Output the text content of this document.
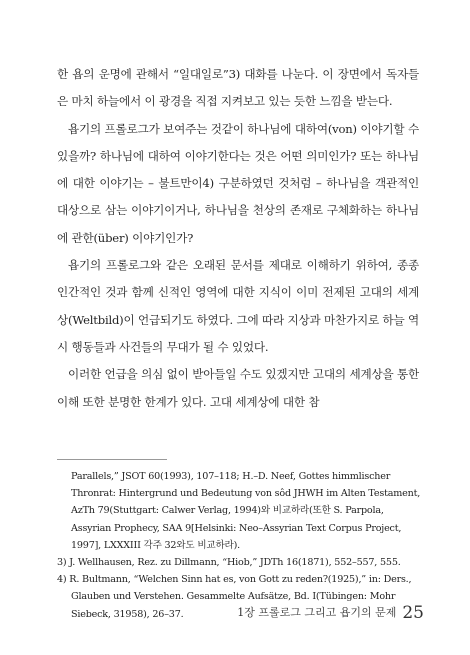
한 욥의 운명에 관해서 “일대일로”3) 대화를 나눈다. 이 장면에서 독자들은 마치 하늘에서 이 광경을 직접 지켜보고 있는 듯한 느낌을 받는다.

욥기의 프롤로그가 보여주는 것같이 하나님에 대하여(von) 이야기할 수 있을까? 하나님에 대하여 이야기한다는 것은 어떤 의미인가? 또는 하나님에 대한 이야기는 – 불트만이4) 구분하였던 것처럼 – 하나님을 객관적인 대상으로 삼는 이야기이거나, 하나님을 천상의 존재로 구체화하는 하나님에 관한(über) 이야기인가?

욥기의 프롤로그와 같은 오래된 문서를 제대로 이해하기 위하여, 종종 인간적인 것과 함께 신적인 영역에 대한 지식이 이미 전제된 고대의 세계상(Weltbild)이 언급되기도 하였다. 그에 따라 지상과 마찬가지로 하늘 역시 행동들과 사건들의 무대가 될 수 있었다.

이러한 언급을 의심 없이 받아들일 수도 있겠지만 고대의 세계상을 통한 이해 또한 분명한 한계가 있다. 고대 세계상에 대한 참

Parallels,” JSOT 60(1993), 107–118; H.–D. Neef, Gottes himmlischer Thronrat: Hintergrund und Bedeutung von sôd JHWH im Alten Testament, AzTh 79(Stuttgart: Calwer Verlag, 1994)와 비교하라(또한 S. Parpola, Assyrian Prophecy, SAA 9[Helsinki: Neo–Assyrian Text Corpus Project, 1997], LXXXIII 각주 32와도 비교하라).

3) J. Wellhausen, Rez. zu Dillmann, “Hiob,” JDTh 16(1871), 552–557, 555.

4) R. Bultmann, “Welchen Sinn hat es, von Gott zu reden?(1925),” in: Ders., Glauben und Verstehen. Gesammelte Aufsätze, Bd. I(Tübingen: Mohr Siebeck, 31958), 26–37.	1장 프롤로그 그리고 욥기의 문제 25
